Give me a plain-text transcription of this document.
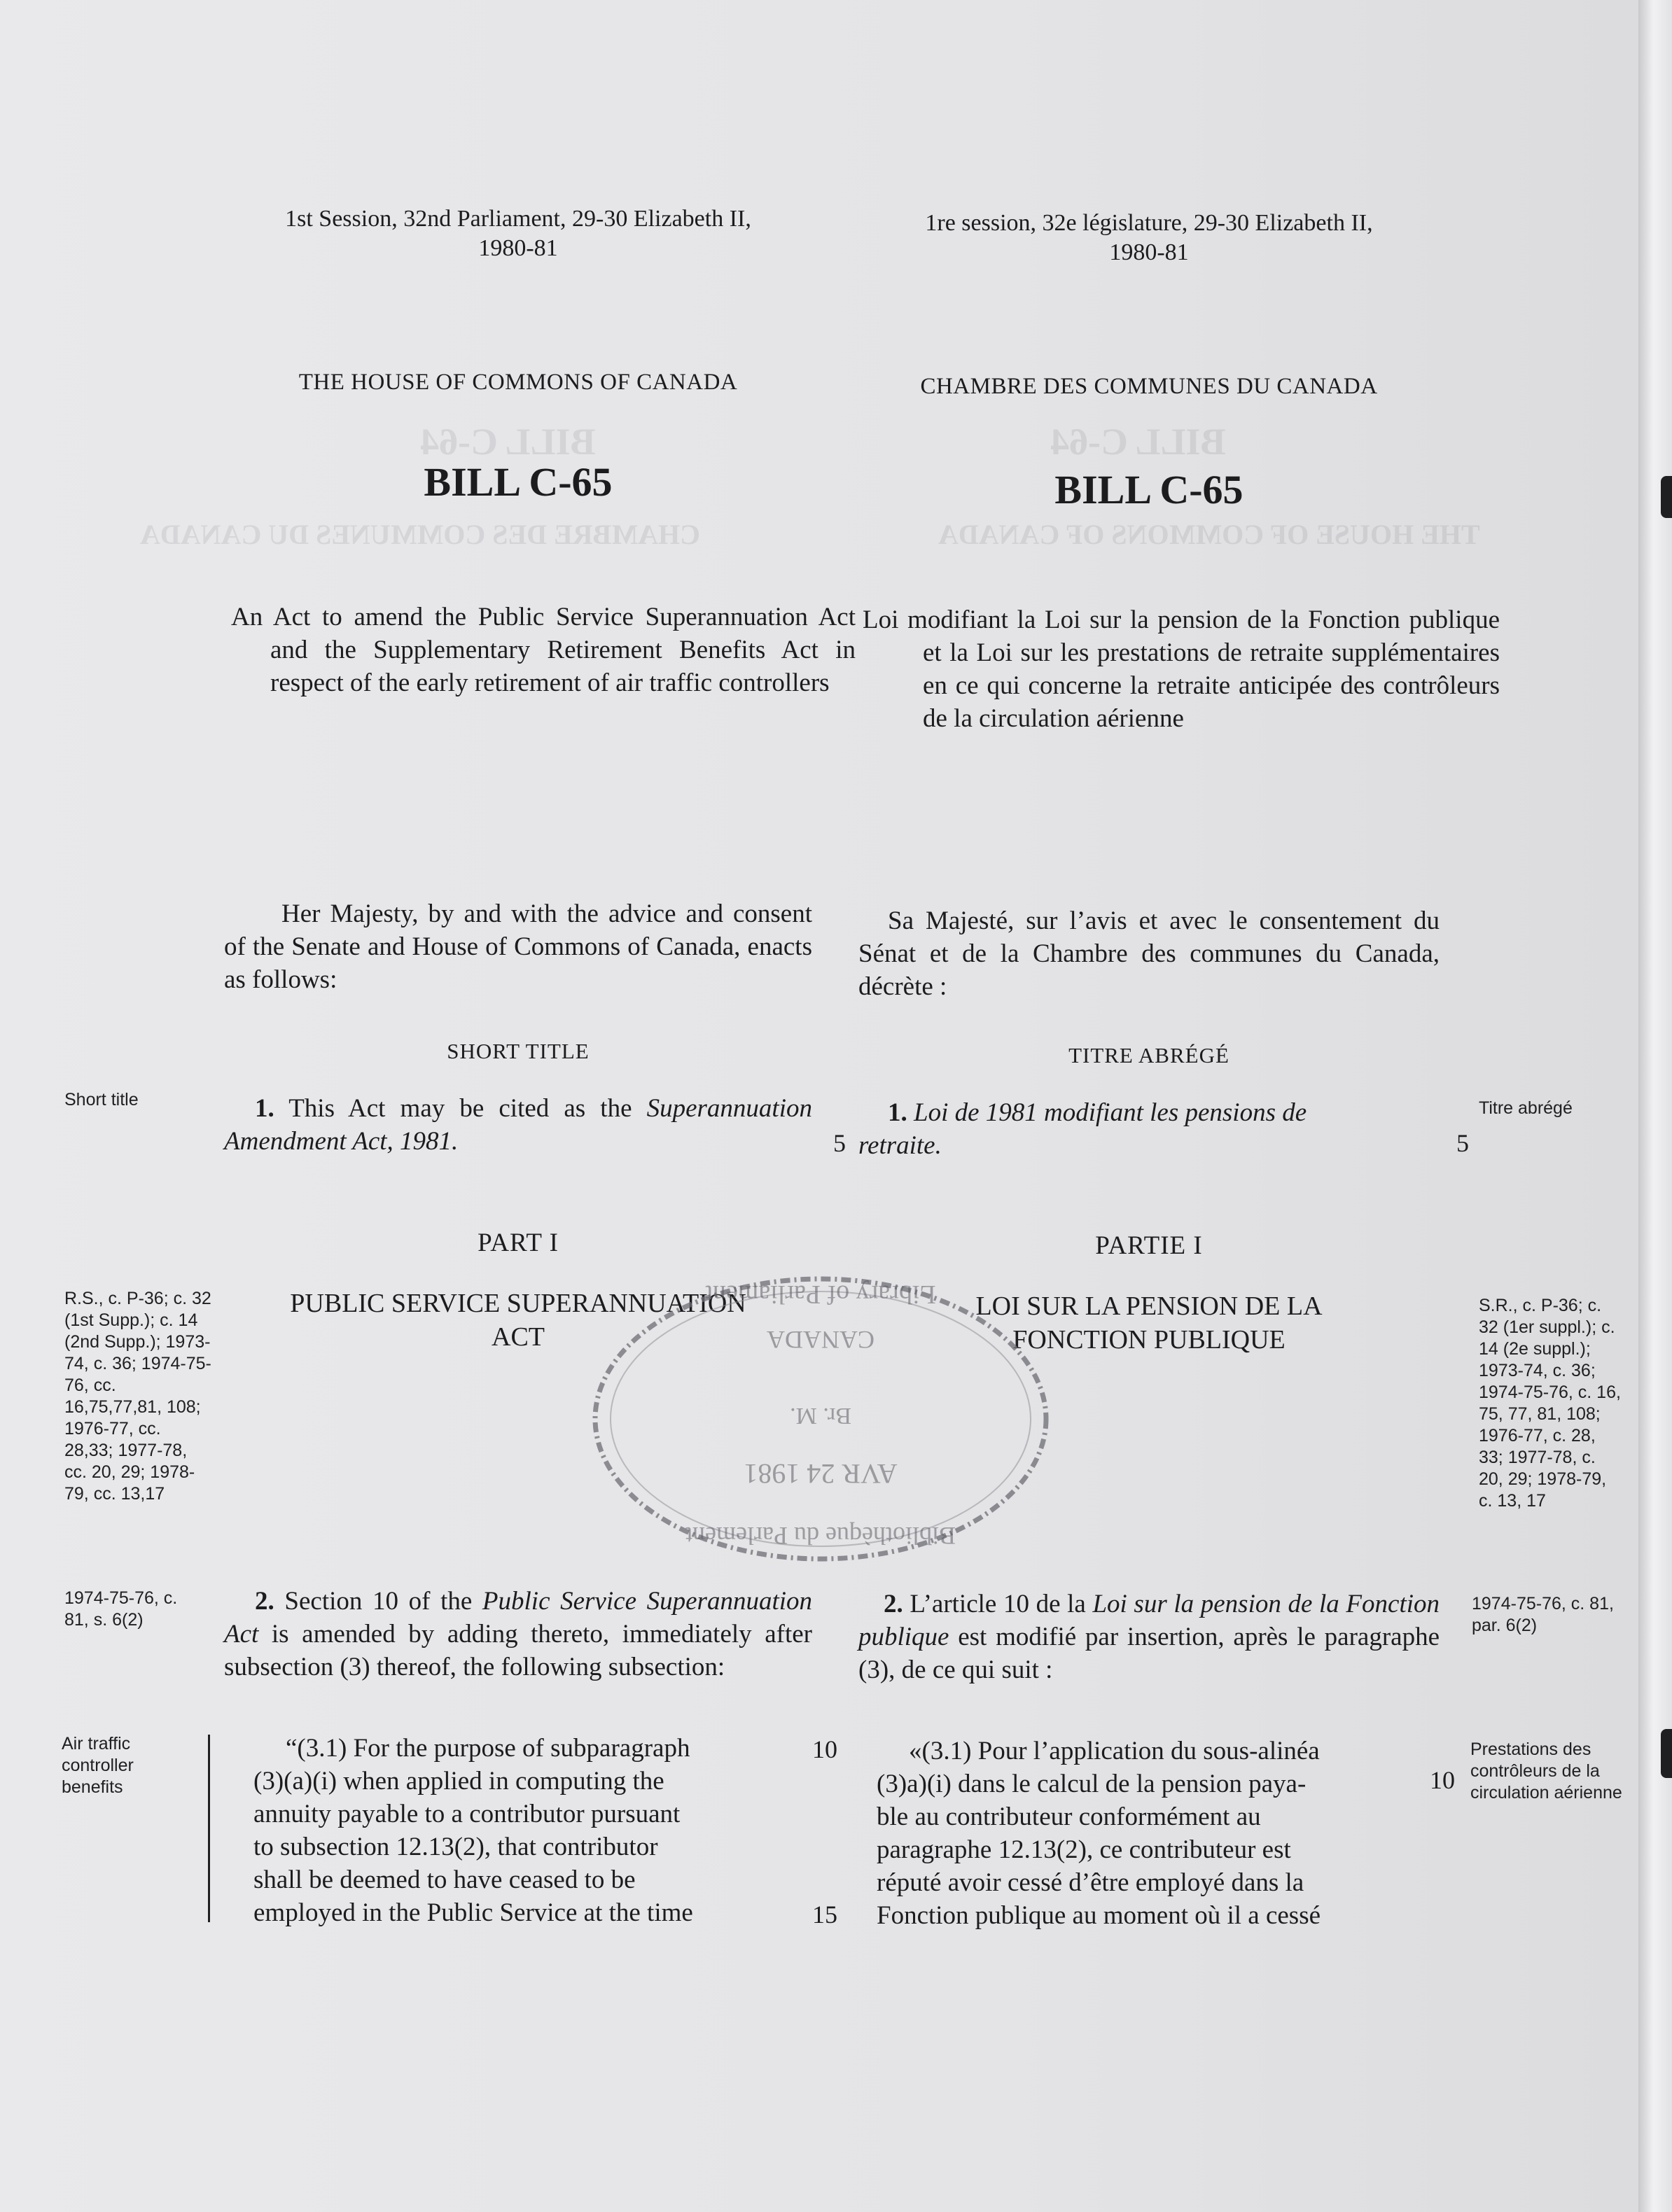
BILL C-64	BILL C-64
CHAMBRE DES COMMUNES DU CANADA	THE HOUSE OF COMMONS OF CANADA
1st Session, 32nd Parliament, 29-30 Elizabeth II,
1980-81
1re session, 32e législature, 29-30 Elizabeth II,
1980-81
THE HOUSE OF COMMONS OF CANADA	CHAMBRE DES COMMUNES DU CANADA
BILL C-65	BILL C-65
An Act to amend the Public Service Superannuation Act and the Supplementary Retirement Benefits Act in respect of the early retirement of air traffic controllers
Loi modifiant la Loi sur la pension de la Fonction publique et la Loi sur les prestations de retraite supplémentaires en ce qui concerne la retraite anticipée des contrôleurs de la circulation aérienne
Her Majesty, by and with the advice and consent of the Senate and House of Commons of Canada, enacts as follows:
Sa Majesté, sur l’avis et avec le consentement du Sénat et de la Chambre des communes du Canada, décrète :
SHORT TITLE	TITRE ABRÉGÉ
Short title	Titre abrégé
1. This Act may be cited as the Superannuation Amendment Act, 1981.
1. Loi de 1981 modifiant les pensions de
retraite.
5	5
PART I	PARTIE I
PUBLIC SERVICE SUPERANNUATION
ACT
LOI SUR LA PENSION DE LA
FONCTION PUBLIQUE
R.S., c. P-36; c. 32 (1st Supp.); c. 14 (2nd Supp.); 1973-74, c. 36; 1974-75-76, cc. 16,75,77,81, 108; 1976-77, cc. 28,33; 1977-78, cc. 20, 29; 1978-79, cc. 13,17
S.R., c. P-36; c. 32 (1er suppl.); c. 14 (2e suppl.); 1973-74, c. 36; 1974-75-76, c. 16, 75, 77, 81, 108; 1976-77, c. 28, 33; 1977-78, c. 20, 29; 1978-79, c. 13, 17
1974-75-76, c. 81, s. 6(2)
1974-75-76, c. 81, par. 6(2)
2. Section 10 of the Public Service Superannuation Act is amended by adding thereto, immediately after subsection (3) thereof, the following subsection:
2. L’article 10 de la Loi sur la pension de la Fonction publique est modifié par insertion, après le paragraphe (3), de ce qui suit :
Air traffic controller benefits
Prestations des contrôleurs de la circulation aérienne
“(3.1) For the purpose of subparagraph
(3)(a)(i) when applied in computing the
annuity payable to a contributor pursuant
to subsection 12.13(2), that contributor
shall be deemed to have ceased to be
employed in the Public Service at the time
10
15
«(3.1) Pour l’application du sous-alinéa
(3)a)(i) dans le calcul de la pension paya-
ble au contributeur conformément au
paragraphe 12.13(2), ce contributeur est
réputé avoir cessé d’être employé dans la
Fonction publique au moment où il a cessé
10
AVR 24 1981
Br. M.
CANADA
Library of Parliament
Bibliothèque du Parlement
